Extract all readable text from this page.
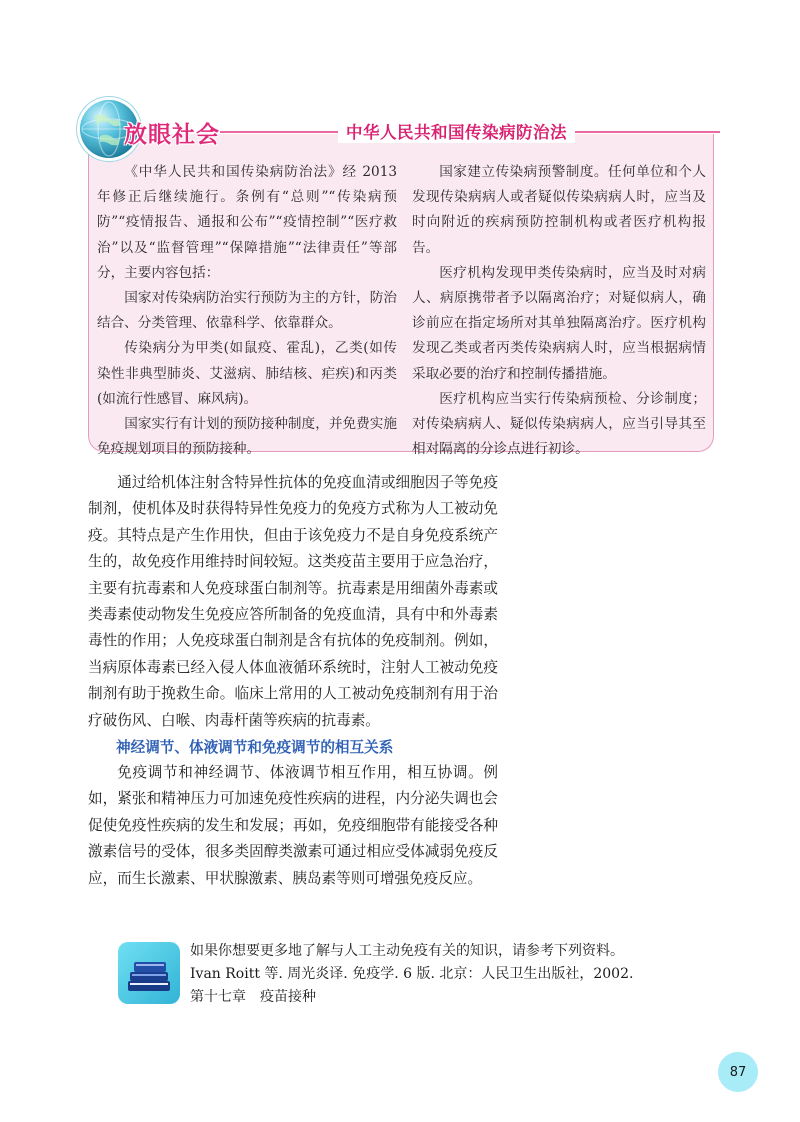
放眼社会	中华人民共和国传染病防治法

《中华人民共和国传染病防治法》经 2013 年修正后继续施行。条例有“总则”“传染病预防”“疫情报告、通报和公布”“疫情控制”“医疗救治”以及“监督管理”“保障措施”“法律责任”等部分，主要内容包括：

国家对传染病防治实行预防为主的方针，防治结合、分类管理、依靠科学、依靠群众。

传染病分为甲类(如鼠疫、霍乱)，乙类(如传染性非典型肺炎、艾滋病、肺结核、疟疾)和丙类(如流行性感冒、麻风病)。

国家实行有计划的预防接种制度，并免费实施免疫规划项目的预防接种。

国家建立传染病预警制度。任何单位和个人发现传染病病人或者疑似传染病病人时，应当及时向附近的疾病预防控制机构或者医疗机构报告。

医疗机构发现甲类传染病时，应当及时对病人、病原携带者予以隔离治疗；对疑似病人，确诊前应在指定场所对其单独隔离治疗。医疗机构发现乙类或者丙类传染病病人时，应当根据病情采取必要的治疗和控制传播措施。

医疗机构应当实行传染病预检、分诊制度；对传染病病人、疑似传染病病人，应当引导其至相对隔离的分诊点进行初诊。

通过给机体注射含特异性抗体的免疫血清或细胞因子等免疫制剂，使机体及时获得特异性免疫力的免疫方式称为人工被动免疫。其特点是产生作用快，但由于该免疫力不是自身免疫系统产生的，故免疫作用维持时间较短。这类疫苗主要用于应急治疗，主要有抗毒素和人免疫球蛋白制剂等。抗毒素是用细菌外毒素或类毒素使动物发生免疫应答所制备的免疫血清，具有中和外毒素毒性的作用；人免疫球蛋白制剂是含有抗体的免疫制剂。例如，当病原体毒素已经入侵人体血液循环系统时，注射人工被动免疫制剂有助于挽救生命。临床上常用的人工被动免疫制剂有用于治疗破伤风、白喉、肉毒杆菌等疾病的抗毒素。

神经调节、体液调节和免疫调节的相互关系

免疫调节和神经调节、体液调节相互作用，相互协调。例如，紧张和精神压力可加速免疫性疾病的进程，内分泌失调也会促使免疫性疾病的发生和发展；再如，免疫细胞带有能接受各种激素信号的受体，很多类固醇类激素可通过相应受体减弱免疫反应，而生长激素、甲状腺激素、胰岛素等则可增强免疫反应。

如果你想要更多地了解与人工主动免疫有关的知识，请参考下列资料。
Ivan Roitt 等. 周光炎译. 免疫学. 6 版. 北京：人民卫生出版社，2002.
第十七章　疫苗接种
87
